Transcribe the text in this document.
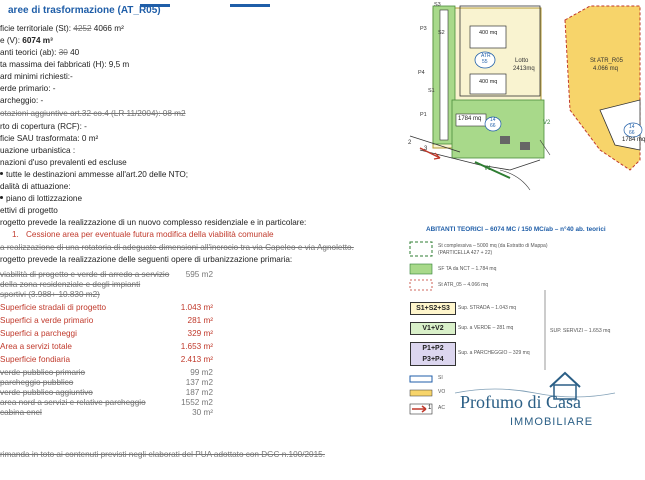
aree di trasformazione (AT_R05)
ficie territoriale (St): 4252 4066 m²
e (V): 6074 m³
anti teorici (ab): 30 40
ta massima dei fabbricati (H): 9,5 m
ard minimi richiesti:-
erde primario: -
archeggio: -
otazioni aggiuntive art.32 co.4 (LR 11/2004): 08 m2
rto di copertura (RCF): -
ficie SAU trasformata: 0 m²
uazione urbanistica :
nazioni d'uso prevalenti ed escluse
tutte le destinazioni ammesse all'art.20 delle NTO;
dalità di attuazione:
piano di lottizzazione
ettivi di progetto
rogetto prevede la realizzazione di un nuovo complesso residenziale e in particolare:
1. Cessione area per eventuale futura modifica della viabilità comunale
a realizzazione di una rotatoria di adeguate dimensioni all'incrocio tra via Capeleo e via Agnoletto.
rogetto prevede la realizzazione delle seguenti opere di urbanizzazione primaria:
viabilità di progetto e verde di arredo a servizio	595 m2
della zona residenziale e degli impianti
sportivi (3.988+ 10.830 m2)
Superficie stradali di progetto	1.043 m²
Superfici a verde primario	281 m²
Superfici a parcheggi	329 m²
Area a servizi totale	1.653 m²
Superficie fondiaria	2.413 m²
verde pubblico primario	99 m2
parcheggio pubblico	137 m2
verde pubblico aggiuntivo	187 m2
area nord a servizi e relative parcheggio	1552 m2
cabina enel	30 m²
rimanda in toto ai contenuti previsti negli elaborati del PUA adottato con DGC n.100/2015.
S3
P3
S2
P4
S1
P1
400 mq
400 mq
ATR
55	Lotto
2413mq
1784 mq 14
66
V1
V2
2
3
St ATR_R05
4.066 mq
14
66
1784 mq
ABITANTI TEORICI – 6074 MC / 150 MC/ab – n°40 ab. teorici
St complessiva – 5000 mq (da Estratto di Mappa)
(PARTICELLA 427 + 22)
SF TA da NCT – 1.784 mq
St ATR_05 – 4.066 mq
S1+S2+S3	Sup. STRADA – 1.043 mq
V1+V2	Sup. a VERDE – 281 mq
P1+P2
P3+P4
Sup. a PARCHEGGIO – 329 mq
SUP. SERVIZI – 1.653 mq
SI
VO
AC
1 Profumo di Casa
IMMOBILIARE
